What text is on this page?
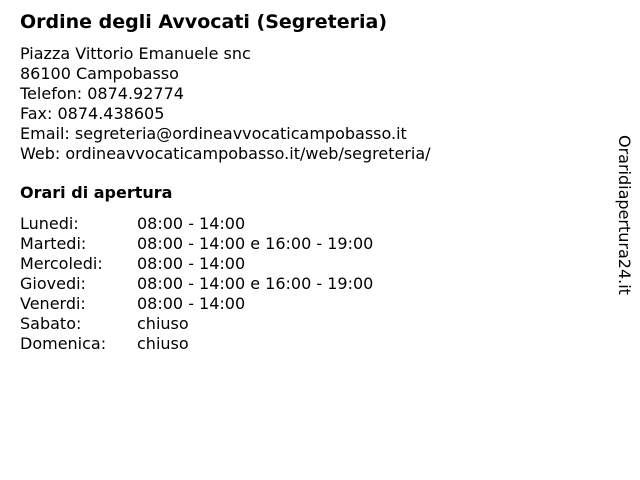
Ordine degli Avvocati (Segreteria)
Piazza Vittorio Emanuele snc
86100 Campobasso
Telefon: 0874.92774
Fax: 0874.438605
Email: segreteria@ordineavvocaticampobasso.it
Web: ordineavvocaticampobasso.it/web/segreteria/
Orari di apertura
Lunedi:	08:00 - 14:00
Martedi:	08:00 - 14:00 e 16:00 - 19:00
Mercoledi: 08:00 - 14:00
Giovedi:	08:00 - 14:00 e 16:00 - 19:00
Venerdi:	08:00 - 14:00
Sabato:	chiuso
Domenica: chiuso
Oraridiapertura24.it
